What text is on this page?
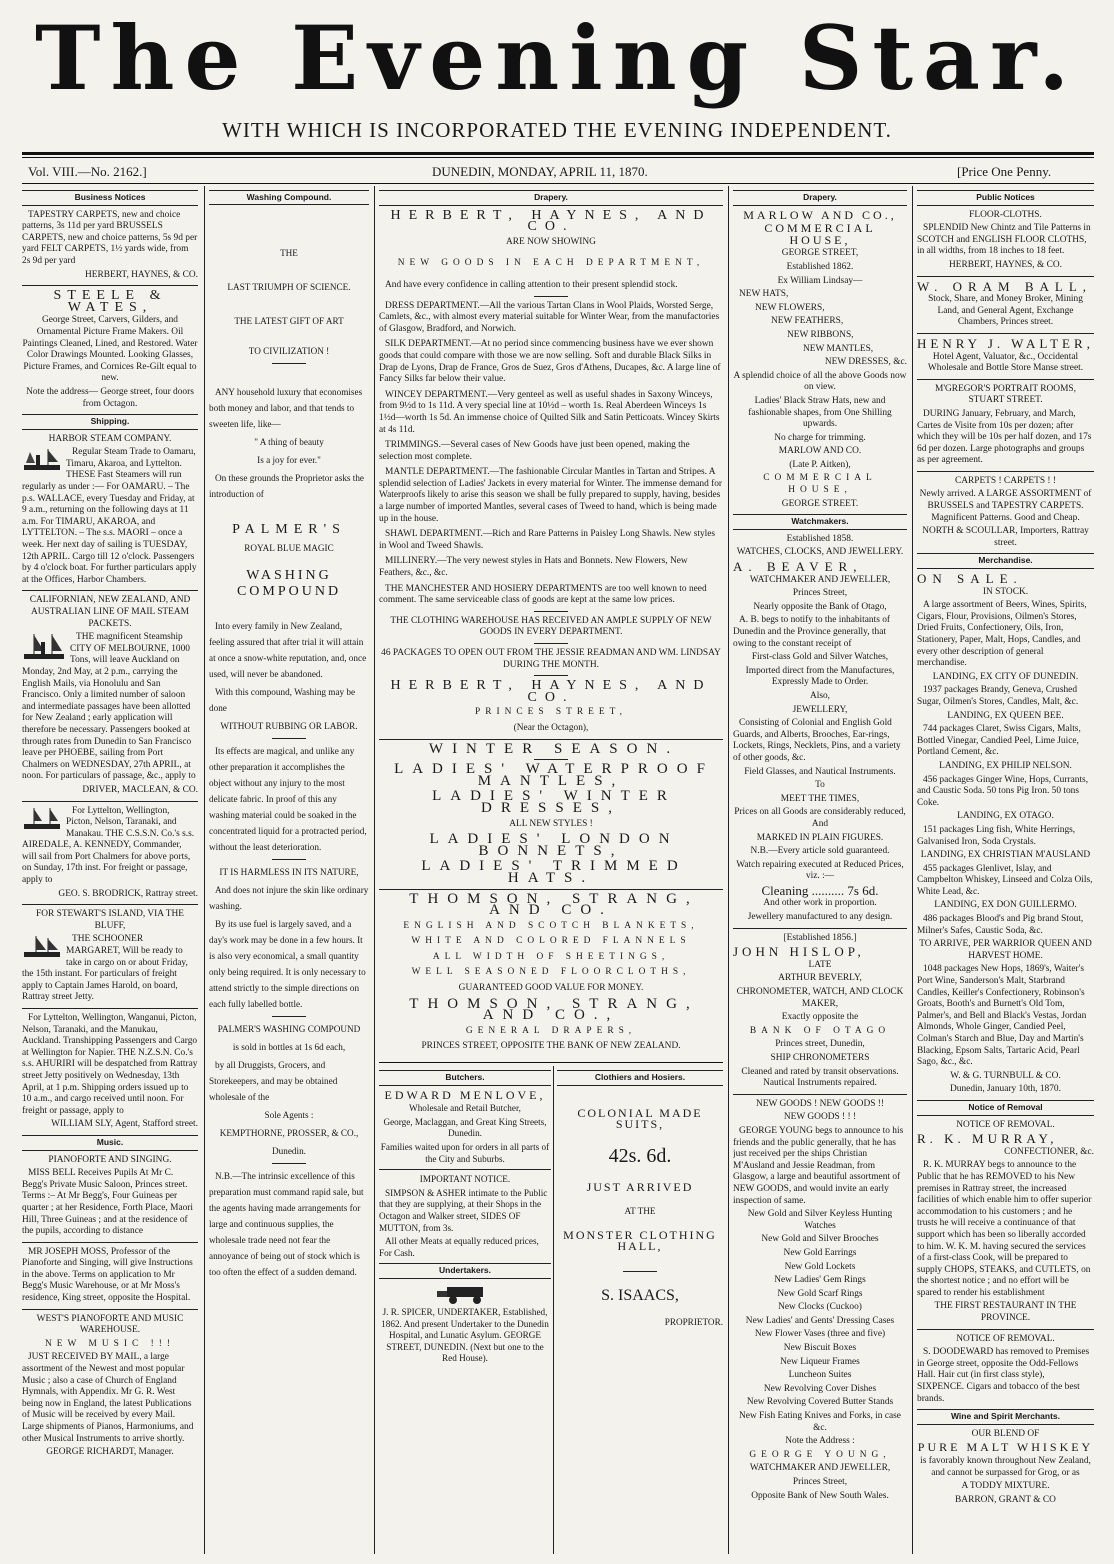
The Evening Star.
WITH WHICH IS INCORPORATED THE EVENING INDEPENDENT.
Vol. VIII.—No. 2162.]	DUNEDIN, MONDAY, APRIL 11, 1870.	[Price One Penny.
Business Notices

TAPESTRY CARPETS, new and choice patterns, 3s 11d per yard BRUSSELS CARPETS, new and choice patterns, 5s 9d per yard FELT CARPETS, 1½ yards wide, from 2s 9d per yard

HERBERT, HAYNES, & CO.

STEELE & WATES,

George Street, Carvers, Gilders, and Ornamental Picture Frame Makers. Oil Paintings Cleaned, Lined, and Restored. Water Color Drawings Mounted. Looking Glasses, Picture Frames, and Cornices Re-Gilt equal to new.

Note the address— George street, four doors from Octagon.

Shipping.

HARBOR STEAM COMPANY.

Regular Steam Trade to Oamaru, Timaru, Akaroa, and Lyttelton. THESE Fast Steamers will run regularly as under :— For OAMARU. – The p.s. WALLACE, every Tuesday and Friday, at 9 a.m., returning on the following days at 11 a.m. For TIMARU, AKAROA, and LYTTELTON. – The s.s. MAORI – once a week. Her next day of sailing is TUESDAY, 12th APRIL. Cargo till 12 o'clock. Passengers by 4 o'clock boat. For further particulars apply at the Offices, Harbor Chambers.

CALIFORNIAN, NEW ZEALAND, AND AUSTRALIAN LINE OF MAIL STEAM PACKETS.

THE magnificent Steamship CITY OF MELBOURNE, 1000 Tons, will leave Auckland on Monday, 2nd May, at 2 p.m., carrying the English Mails, via Honolulu and San Francisco. Only a limited number of saloon and intermediate passages have been allotted for New Zealand ; early application will therefore be necessary. Passengers booked at through rates from Dunedin to San Francisco leave per PHOEBE, sailing from Port Chalmers on WEDNESDAY, 27th APRIL, at noon. For particulars of passage, &c., apply to

DRIVER, MACLEAN, & CO.

For Lyttelton, Wellington, Picton, Nelson, Taranaki, and Manakau. THE C.S.S.N. Co.'s s.s. AIREDALE, A. KENNEDY, Commander, will sail from Port Chalmers for above ports, on Sunday, 17th inst. For freight or passage, apply to

GEO. S. BRODRICK, Rattray street.

FOR STEWART'S ISLAND, VIA THE BLUFF,

THE SCHOONER MARGARET, Will be ready to take in cargo on or about Friday, the 15th instant. For particulars of freight apply to Captain James Harold, on board, Rattray street Jetty.

For Lyttelton, Wellington, Wanganui, Picton, Nelson, Taranaki, and the Manukau, Auckland. Transhipping Passengers and Cargo at Wellington for Napier. THE N.Z.S.N. Co.'s s.s. AHURIRI will be despatched from Rattray street Jetty positively on Wednesday, 13th April, at 1 p.m. Shipping orders issued up to 10 a.m., and cargo received until noon. For freight or passage, apply to

WILLIAM SLY, Agent, Stafford street.

Music.

PIANOFORTE AND SINGING.

MISS BELL Receives Pupils At Mr C. Begg's Private Music Saloon, Princes street. Terms :– At Mr Begg's, Four Guineas per quarter ; at her Residence, Forth Place, Maori Hill, Three Guineas ; and at the residence of the pupils, according to distance

MR JOSEPH MOSS, Professor of the Pianoforte and Singing, will give Instructions in the above. Terms on application to Mr Begg's Music Warehouse, or at Mr Moss's residence, King street, opposite the Hospital.

WEST'S PIANOFORTE AND MUSIC WAREHOUSE.

NEW MUSIC !!!

JUST RECEIVED BY MAIL, a large assortment of the Newest and most popular Music ; also a case of Church of England Hymnals, with Appendix. Mr G. R. West being now in England, the latest Publications of Music will be received by every Mail. Large shipments of Pianos, Harmoniums, and other Musical Instruments to arrive shortly.

GEORGE RICHARDT, Manager.

Washing Compound.

THE

LAST TRIUMPH OF SCIENCE.

THE LATEST GIFT OF ART

TO CIVILIZATION !

ANY household luxury that economises both money and labor, and that tends to sweeten life, like—

" A thing of beauty

Is a joy for ever."

On these grounds the Proprietor asks the introduction of

PALMER'S

ROYAL BLUE MAGIC

WASHING COMPOUND

Into every family in New Zealand, feeling assured that after trial it will attain at once a snow-white reputation, and, once used, will never be abandoned.

With this compound, Washing may be done

WITHOUT RUBBING OR LABOR.

Its effects are magical, and unlike any other preparation it accomplishes the object without any injury to the most delicate fabric. In proof of this any washing material could be soaked in the concentrated liquid for a protracted period, without the least deterioration.

IT IS HARMLESS IN ITS NATURE,

And does not injure the skin like ordinary washing.

By its use fuel is largely saved, and a day's work may be done in a few hours. It is also very economical, a small quantity only being required. It is only necessary to attend strictly to the simple directions on each fully labelled bottle.

PALMER'S WASHING COMPOUND

is sold in bottles at 1s 6d each,

by all Druggists, Grocers, and Storekeepers, and may be obtained wholesale of the

Sole Agents :

KEMPTHORNE, PROSSER, & CO.,

Dunedin.

N.B.—The intrinsic excellence of this preparation must command rapid sale, but the agents having made arrangements for large and continuous supplies, the wholesale trade need not fear the annoyance of being out of stock which is too often the effect of a sudden demand.

Drapery.

HERBERT, HAYNES, AND CO.

ARE NOW SHOWING

NEW GOODS IN EACH DEPARTMENT,

And have every confidence in calling attention to their present splendid stock.

DRESS DEPARTMENT.—All the various Tartan Clans in Wool Plaids, Worsted Serge, Camlets, &c., with almost every material suitable for Winter Wear, from the manufactories of Glasgow, Bradford, and Norwich.

SILK DEPARTMENT.—At no period since commencing business have we ever shown goods that could compare with those we are now selling. Soft and durable Black Silks in Drap de Lyons, Drap de France, Gros de Suez, Gros d'Athens, Ducapes, &c. A large line of Fancy Silks far below their value.

WINCEY DEPARTMENT.—Very genteel as well as useful shades in Saxony Winceys, from 9½d to 1s 11d. A very special line at 10½d – worth 1s. Real Aberdeen Winceys 1s 1½d—worth 1s 5d. An immense choice of Quilted Silk and Satin Petticoats. Wincey Skirts at 4s 11d.

TRIMMINGS.—Several cases of New Goods have just been opened, making the selection most complete.

MANTLE DEPARTMENT.—The fashionable Circular Mantles in Tartan and Stripes. A splendid selection of Ladies' Jackets in every material for Winter. The immense demand for Waterproofs likely to arise this season we shall be fully prepared to supply, having, besides a large number of imported Mantles, several cases of Tweed to hand, which is being made up in the house.

SHAWL DEPARTMENT.—Rich and Rare Patterns in Paisley Long Shawls. New styles in Wool and Tweed Shawls.

MILLINERY.—The very newest styles in Hats and Bonnets. New Flowers, New Feathers, &c., &c.

THE MANCHESTER AND HOSIERY DEPARTMENTS are too well known to need comment. The same serviceable class of goods are kept at the same low prices.

THE CLOTHING WAREHOUSE HAS RECEIVED AN AMPLE SUPPLY OF NEW GOODS IN EVERY DEPARTMENT.

46 PACKAGES TO OPEN OUT FROM THE JESSIE READMAN AND WM. LINDSAY DURING THE MONTH.

HERBERT, HAYNES, AND CO.

PRINCES STREET,

(Near the Octagon),

WINTER SEASON.

LADIES' WATERPROOF MANTLES,

LADIES' WINTER DRESSES,

ALL NEW STYLES !

LADIES' LONDON BONNETS,

LADIES' TRIMMED HATS.

THOMSON, STRANG, AND CO.

ENGLISH AND SCOTCH BLANKETS,

WHITE AND COLORED FLANNELS

ALL WIDTH OF SHEETINGS,

WELL SEASONED FLOORCLOTHS,

GUARANTEED GOOD VALUE FOR MONEY.

THOMSON, STRANG, AND CO.,

GENERAL DRAPERS,

PRINCES STREET, OPPOSITE THE BANK OF NEW ZEALAND.

Butchers.

EDWARD MENLOVE,

Wholesale and Retail Butcher,

George, Maclaggan, and Great King Streets, Dunedin.

Families waited upon for orders in all parts of the City and Suburbs.

IMPORTANT NOTICE.

SIMPSON & ASHER intimate to the Public that they are supplying, at their Shops in the Octagon and Walker street, SIDES OF MUTTON, from 3s.

All other Meats at equally reduced prices, For Cash.

Undertakers.

J. R. SPICER, UNDERTAKER, Established, 1862. And present Undertaker to the Dunedin Hospital, and Lunatic Asylum. GEORGE STREET, DUNEDIN. (Next but one to the Red House).

Clothiers and Hosiers.

COLONIAL MADE SUITS,

42s. 6d.

JUST ARRIVED

AT THE

MONSTER CLOTHING HALL,

S. ISAACS,

PROPRIETOR.

Drapery.

MARLOW AND CO.,

COMMERCIAL HOUSE,

GEORGE STREET,

Established 1862.

Ex William Lindsay—

NEW HATS,

NEW FLOWERS,

NEW FEATHERS,

NEW RIBBONS,

NEW MANTLES,

NEW DRESSES, &c.

A splendid choice of all the above Goods now on view.

Ladies' Black Straw Hats, new and fashionable shapes, from One Shilling upwards.

No charge for trimming.

MARLOW AND CO.

(Late P. Aitken),

COMMERCIAL HOUSE,

GEORGE STREET.

Watchmakers.

Established 1858.

WATCHES, CLOCKS, AND JEWELLERY.

A. BEAVER,

WATCHMAKER AND JEWELLER,

Princes Street,

Nearly opposite the Bank of Otago,

A. B. begs to notify to the inhabitants of Dunedin and the Province generally, that owing to the constant receipt of

First-class Gold and Silver Watches,

Imported direct from the Manufactures, Expressly Made to Order.

Also,

JEWELLERY,

Consisting of Colonial and English Gold Guards, and Alberts, Brooches, Ear-rings, Lockets, Rings, Necklets, Pins, and a variety of other goods, &c.

Field Glasses, and Nautical Instruments.

To

MEET THE TIMES,

Prices on all Goods are considerably reduced, And

MARKED IN PLAIN FIGURES.

N.B.—Every article sold guaranteed.

Watch repairing executed at Reduced Prices, viz. :—

Cleaning .......... 7s 6d.

And other work in proportion.

Jewellery manufactured to any design.

[Established 1856.]

JOHN HISLOP,

LATE

ARTHUR BEVERLY,

CHRONOMETER, WATCH, AND CLOCK MAKER,

Exactly opposite the

BANK OF OTAGO

Princes street, Dunedin,

SHIP CHRONOMETERS

Cleaned and rated by transit observations. Nautical Instruments repaired.

NEW GOODS ! NEW GOODS !!

NEW GOODS ! ! !

GEORGE YOUNG begs to announce to his friends and the public generally, that he has just received per the ships Christian M'Ausland and Jessie Readman, from Glasgow, a large and beautiful assortment of NEW GOODS, and would invite an early inspection of same.

New Gold and Silver Keyless Hunting Watches

New Gold and Silver Brooches

New Gold Earrings

New Gold Lockets

New Ladies' Gem Rings

New Gold Scarf Rings

New Clocks (Cuckoo)

New Ladies' and Gents' Dressing Cases

New Flower Vases (three and five)

New Biscuit Boxes

New Liqueur Frames

Luncheon Suites

New Revolving Cover Dishes

New Revolving Covered Butter Stands

New Fish Eating Knives and Forks, in case &c.

Note the Address :

GEORGE YOUNG,

WATCHMAKER AND JEWELLER,

Princes Street,

Opposite Bank of New South Wales.

Public Notices

FLOOR-CLOTHS.

SPLENDID New Chintz and Tile Patterns in SCOTCH and ENGLISH FLOOR CLOTHS, in all widths, from 18 inches to 18 feet.

HERBERT, HAYNES, & CO.

W. ORAM BALL,

Stock, Share, and Money Broker, Mining Land, and General Agent, Exchange Chambers, Princes street.

HENRY J. WALTER,

Hotel Agent, Valuator, &c., Occidental Wholesale and Bottle Store Manse street.

M'GREGOR'S PORTRAIT ROOMS, STUART STREET.

DURING January, February, and March, Cartes de Visite from 10s per dozen; after which they will be 10s per half dozen, and 17s 6d per dozen. Large photographs and groups as per agreement.

CARPETS ! CARPETS ! !

Newly arrived. A LARGE ASSORTMENT of BRUSSELS and TAPESTRY CARPETS. Magnificent Patterns. Good and Cheap.

NORTH & SCOULLAR, Importers, Rattray street.

Merchandise.

ON SALE.

IN STOCK.

A large assortment of Beers, Wines, Spirits, Cigars, Flour, Provisions, Oilmen's Stores, Dried Fruits, Confectionery, Oils, Iron, Stationery, Paper, Malt, Hops, Candles, and every other description of general merchandise.

LANDING, EX CITY OF DUNEDIN.

1937 packages Brandy, Geneva, Crushed Sugar, Oilmen's Stores, Candles, Malt, &c.

LANDING, EX QUEEN BEE.

744 packages Claret, Swiss Cigars, Malts, Bottled Vinegar, Candied Peel, Lime Juice, Portland Cement, &c.

LANDING, EX PHILIP NELSON.

456 packages Ginger Wine, Hops, Currants, and Caustic Soda. 50 tons Pig Iron. 50 tons Coke.

LANDING, EX OTAGO.

151 packages Ling fish, White Herrings, Galvanised Iron, Soda Crystals.

LANDING, EX CHRISTIAN M'AUSLAND

455 packages Glenlivet, Islay, and Campbelton Whiskey, Linseed and Colza Oils, White Lead, &c.

LANDING, EX DON GUILLERMO.

486 packages Blood's and Pig brand Stout, Milner's Safes, Caustic Soda, &c.

TO ARRIVE, PER WARRIOR QUEEN AND HARVEST HOME.

1048 packages New Hops, 1869's, Waiter's Port Wine, Sanderson's Malt, Starbrand Candles, Keiller's Confectionery, Robinson's Groats, Booth's and Burnett's Old Tom, Palmer's, and Bell and Black's Vestas, Jordan Almonds, Whole Ginger, Candied Peel, Colman's Starch and Blue, Day and Martin's Blacking, Epsom Salts, Tartaric Acid, Pearl Sago, &c., &c.

W. & G. TURNBULL & CO.

Dunedin, January 10th, 1870.

Notice of Removal

NOTICE OF REMOVAL.

R. K. MURRAY,

CONFECTIONER, &c.

R. K. MURRAY begs to announce to the Public that he has REMOVED to his New premises in Rattray street, the increased facilities of which enable him to offer superior accommodation to his customers ; and he trusts he will receive a continuance of that support which has been so liberally accorded to him. W. K. M. having secured the services of a first-class Cook, will be prepared to supply CHOPS, STEAKS, and CUTLETS, on the shortest notice ; and no effort will be spared to render his establishment

THE FIRST RESTAURANT IN THE PROVINCE.

NOTICE OF REMOVAL.

S. DOODEWARD has removed to Premises in George street, opposite the Odd-Fellows Hall. Hair cut (in first class style), SIXPENCE. Cigars and tobacco of the best brands.

Wine and Spirit Merchants.

OUR BLEND OF

PURE MALT WHISKEY

is favorably known throughout New Zealand, and cannot be surpassed for Grog, or as

A TODDY MIXTURE.

BARRON, GRANT & CO
